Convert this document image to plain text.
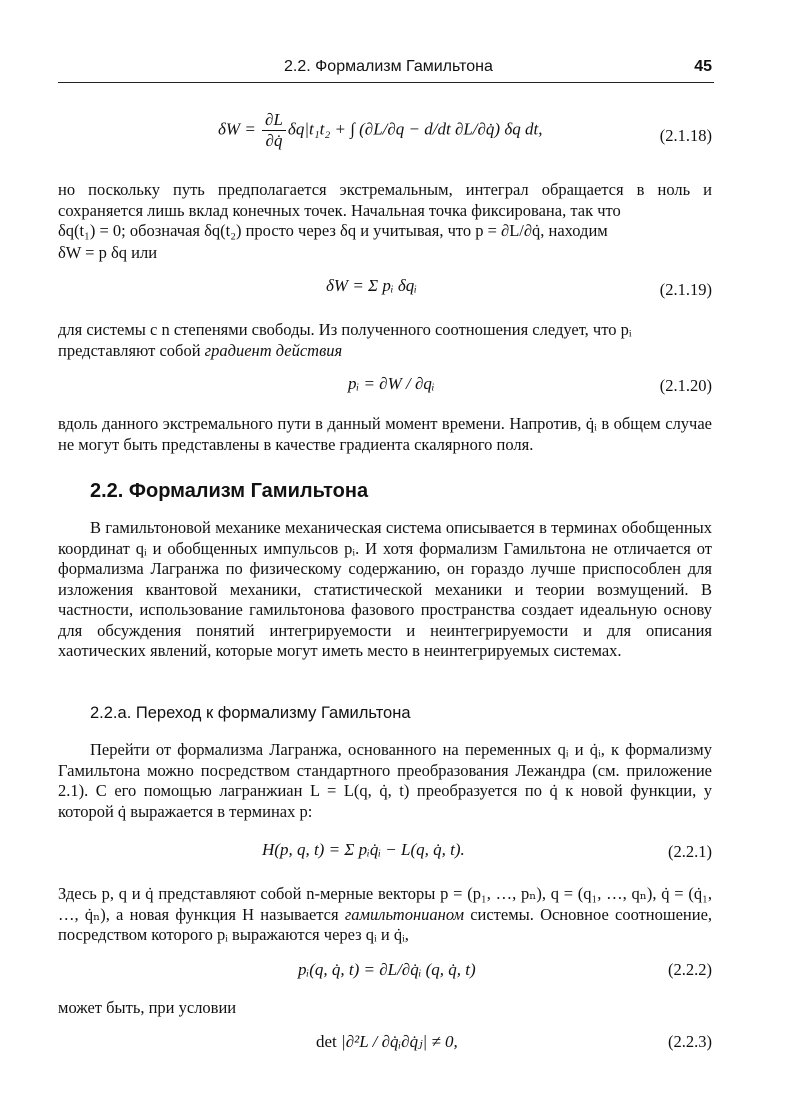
2.2. Формализм Гамильтона	45
$\delta W = \frac{\partial L}{\partial q̇} \delta q|t_1t_2$ + ∫ (∂L/∂q − d/dt ∂L/∂q̇) δq dt,	(2.1.18)

но поскольку путь предполагается экстремальным, интеграл обращается в ноль и сохраняется лишь вклад конечных точек. Начальная точка фиксирована, так что

δq(t₁) = 0; обозначая δq(t₂) просто через δq и учитывая, что p = ∂L/∂q̇, находим

δW = p δq или

δW = Σ pᵢ δqᵢ	(2.1.19)

для системы с n степенями свободы. Из полученного соотношения следует, что pᵢ

представляют собой градиент действия

pᵢ = ∂W / ∂qᵢ	(2.1.20)

вдоль данного экстремального пути в данный момент времени. Напротив, q̇ᵢ в общем случае не могут быть представлены в качестве градиента скалярного поля.

2.2. Формализм Гамильтона

В гамильтоновой механике механическая система описывается в терминах обобщенных координат qᵢ и обобщенных импульсов pᵢ. И хотя формализм Гамильтона не отличается от формализма Лагранжа по физическому содержанию, он гораздо лучше приспособлен для изложения квантовой механики, статистической механики и теории возмущений. В частности, использование гамильтонова фазового пространства создает идеальную основу для обсуждения понятий интегрируемости и неинтегрируемости и для описания хаотических явлений, которые могут иметь место в неинтегрируемых системах.

2.2.a. Переход к формализму Гамильтона

Перейти от формализма Лагранжа, основанного на переменных qᵢ и q̇ᵢ, к формализму Гамильтона можно посредством стандартного преобразования Лежандра (см. приложение 2.1). С его помощью лагранжиан L = L(q, q̇, t) преобразуется по q̇ к новой функции, у которой q̇ выражается в терминах p:

H(p, q, t) = Σ pᵢq̇ᵢ − L(q, q̇, t).	(2.2.1)

Здесь p, q и q̇ представляют собой n-мерные векторы p = (p₁, …, pₙ), q = (q₁, …, qₙ), q̇ = (q̇₁, …, q̇ₙ), а новая функция H называется гамильтонианом системы. Основное соотношение, посредством которого pᵢ выражаются через qᵢ и q̇ᵢ,

pᵢ(q, q̇, t) = ∂L/∂q̇ᵢ (q, q̇, t)	(2.2.2)

может быть, при условии

det |∂²L / ∂q̇ᵢ∂q̇ⱼ| ≠ 0,	(2.2.3)
